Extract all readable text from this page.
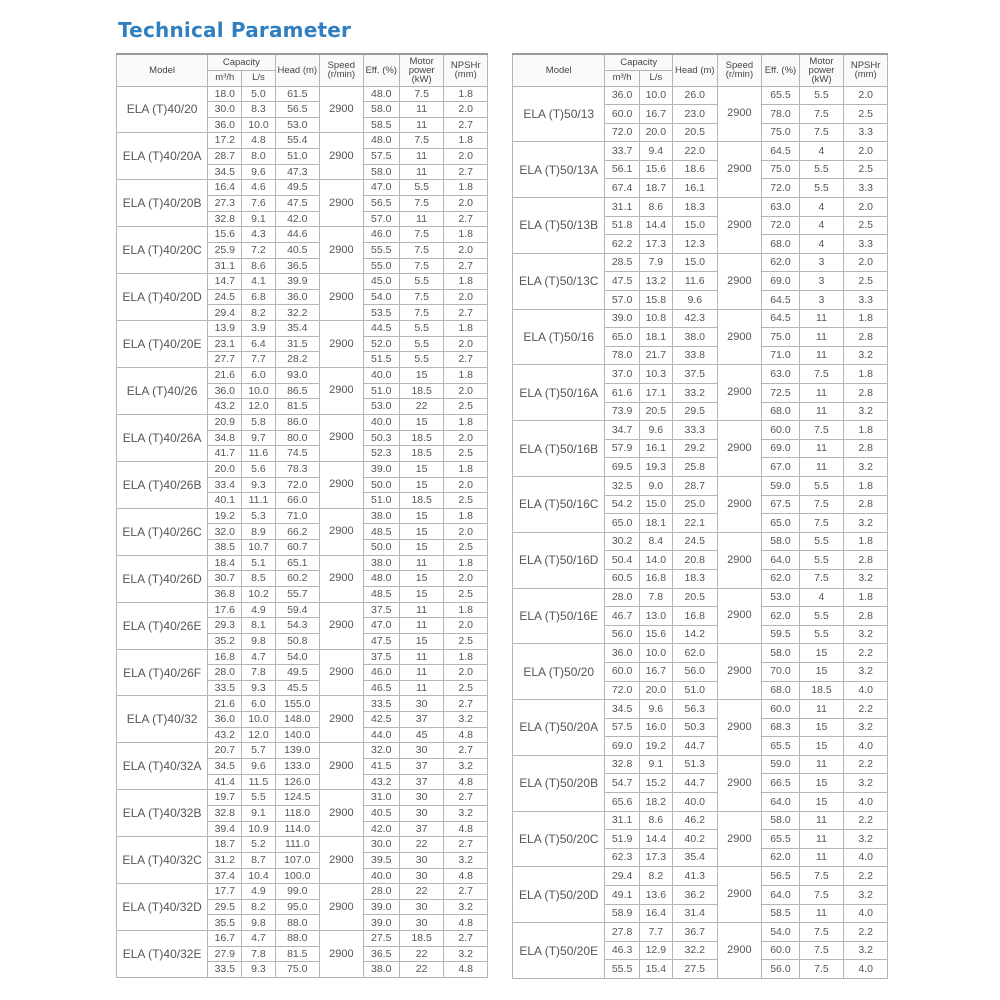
Technical Parameter
Model	Capacity		Head (m)	Speed (r/min)	Eff. (%)	Motor power (kW)	NPSHr (mm)
	m³/h	L/s					
ELA (T)40/20	18.0	5.0	61.5	2900	48.0	7.5	1.8
	30.0	8.3	56.5		58.0	11	2.0
	36.0	10.0	53.0		58.5	11	2.7
ELA (T)40/20A	17.2	4.8	55.4	2900	48.0	7.5	1.8
	28.7	8.0	51.0		57.5	11	2.0
	34.5	9.6	47.3		58.0	11	2.7
ELA (T)40/20B	16.4	4.6	49.5	2900	47.0	5.5	1.8
	27.3	7.6	47.5		56.5	7.5	2.0
	32.8	9.1	42.0		57.0	11	2.7
ELA (T)40/20C	15.6	4.3	44.6	2900	46.0	7.5	1.8
	25.9	7.2	40.5		55.5	7.5	2.0
	31.1	8.6	36.5		55.0	7.5	2.7
ELA (T)40/20D	14.7	4.1	39.9	2900	45.0	5.5	1.8
	24.5	6.8	36.0		54.0	7.5	2.0
	29.4	8.2	32.2		53.5	7.5	2.7
ELA (T)40/20E	13.9	3.9	35.4	2900	44.5	5.5	1.8
	23.1	6.4	31.5		52.0	5.5	2.0
	27.7	7.7	28.2		51.5	5.5	2.7
ELA (T)40/26	21.6	6.0	93.0	2900	40.0	15	1.8
	36.0	10.0	86.5		51.0	18.5	2.0
	43.2	12.0	81.5		53.0	22	2.5
ELA (T)40/26A	20.9	5.8	86.0	2900	40.0	15	1.8
	34.8	9.7	80.0		50.3	18.5	2.0
	41.7	11.6	74.5		52.3	18.5	2.5
ELA (T)40/26B	20.0	5.6	78.3	2900	39.0	15	1.8
	33.4	9.3	72.0		50.0	15	2.0
	40.1	11.1	66.0		51.0	18.5	2.5
ELA (T)40/26C	19.2	5.3	71.0	2900	38.0	15	1.8
	32.0	8.9	66.2		48.5	15	2.0
	38.5	10.7	60.7		50.0	15	2.5
ELA (T)40/26D	18.4	5.1	65.1	2900	38.0	11	1.8
	30.7	8.5	60.2		48.0	15	2.0
	36.8	10.2	55.7		48.5	15	2.5
ELA (T)40/26E	17.6	4.9	59.4	2900	37.5	11	1.8
	29.3	8.1	54.3		47.0	11	2.0
	35.2	9.8	50.8		47.5	15	2.5
ELA (T)40/26F	16.8	4.7	54.0	2900	37.5	11	1.8
	28.0	7.8	49.5		46.0	11	2.0
	33.5	9.3	45.5		46.5	11	2.5
ELA (T)40/32	21.6	6.0	155.0	2900	33.5	30	2.7
	36.0	10.0	148.0		42.5	37	3.2
	43.2	12.0	140.0		44.0	45	4.8
ELA (T)40/32A	20.7	5.7	139.0	2900	32.0	30	2.7
	34.5	9.6	133.0		41.5	37	3.2
	41.4	11.5	126.0		43.2	37	4.8
ELA (T)40/32B	19.7	5.5	124.5	2900	31.0	30	2.7
	32.8	9.1	118.0		40.5	30	3.2
	39.4	10.9	114.0		42.0	37	4.8
ELA (T)40/32C	18.7	5.2	111.0	2900	30.0	22	2.7
	31.2	8.7	107.0		39.5	30	3.2
	37.4	10.4	100.0		40.0	30	4.8
ELA (T)40/32D	17.7	4.9	99.0	2900	28.0	22	2.7
	29.5	8.2	95.0		39.0	30	3.2
	35.5	9.8	88.0		39.0	30	4.8
ELA (T)40/32E	16.7	4.7	88.0	2900	27.5	18.5	2.7
	27.9	7.8	81.5		36.5	22	3.2
	33.5	9.3	75.0		38.0	22	4.8
Model	Capacity		Head (m)	Speed (r/min)	Eff. (%)	Motor power (kW)	NPSHr (mm)
	m³/h	L/s					
ELA (T)50/13	36.0	10.0	26.0	2900	65.5	5.5	2.0
	60.0	16.7	23.0		78.0	7.5	2.5
	72.0	20.0	20.5		75.0	7.5	3.3
ELA (T)50/13A	33.7	9.4	22.0	2900	64.5	4	2.0
	56.1	15.6	18.6		75.0	5.5	2.5
	67.4	18.7	16.1		72.0	5.5	3.3
ELA (T)50/13B	31.1	8.6	18.3	2900	63.0	4	2.0
	51.8	14.4	15.0		72.0	4	2.5
	62.2	17.3	12.3		68.0	4	3.3
ELA (T)50/13C	28.5	7.9	15.0	2900	62.0	3	2.0
	47.5	13.2	11.6		69.0	3	2.5
	57.0	15.8	9.6		64.5	3	3.3
ELA (T)50/16	39.0	10.8	42.3	2900	64.5	11	1.8
	65.0	18.1	38.0		75.0	11	2.8
	78.0	21.7	33.8		71.0	11	3.2
ELA (T)50/16A	37.0	10.3	37.5	2900	63.0	7.5	1.8
	61.6	17.1	33.2		72.5	11	2.8
	73.9	20.5	29.5		68.0	11	3.2
ELA (T)50/16B	34.7	9.6	33.3	2900	60.0	7.5	1.8
	57.9	16.1	29.2		69.0	11	2.8
	69.5	19.3	25.8		67.0	11	3.2
ELA (T)50/16C	32.5	9.0	28.7	2900	59.0	5.5	1.8
	54.2	15.0	25.0		67.5	7.5	2.8
	65.0	18.1	22.1		65.0	7.5	3.2
ELA (T)50/16D	30.2	8.4	24.5	2900	58.0	5.5	1.8
	50.4	14.0	20.8		64.0	5.5	2.8
	60.5	16.8	18.3		62.0	7.5	3.2
ELA (T)50/16E	28.0	7.8	20.5	2900	53.0	4	1.8
	46.7	13.0	16.8		62.0	5.5	2.8
	56.0	15.6	14.2		59.5	5.5	3.2
ELA (T)50/20	36.0	10.0	62.0	2900	58.0	15	2.2
	60.0	16.7	56.0		70.0	15	3.2
	72.0	20.0	51.0		68.0	18.5	4.0
ELA (T)50/20A	34.5	9.6	56.3	2900	60.0	11	2.2
	57.5	16.0	50.3		68.3	15	3.2
	69.0	19.2	44.7		65.5	15	4.0
ELA (T)50/20B	32.8	9.1	51.3	2900	59.0	11	2.2
	54.7	15.2	44.7		66.5	15	3.2
	65.6	18.2	40.0		64.0	15	4.0
ELA (T)50/20C	31.1	8.6	46.2	2900	58.0	11	2.2
	51.9	14.4	40.2		65.5	11	3.2
	62.3	17.3	35.4		62.0	11	4.0
ELA (T)50/20D	29.4	8.2	41.3	2900	56.5	7.5	2.2
	49.1	13.6	36.2		64.0	7.5	3.2
	58.9	16.4	31.4		58.5	11	4.0
ELA (T)50/20E	27.8	7.7	36.7	2900	54.0	7.5	2.2
	46.3	12.9	32.2		60.0	7.5	3.2
	55.5	15.4	27.5		56.0	7.5	4.0
